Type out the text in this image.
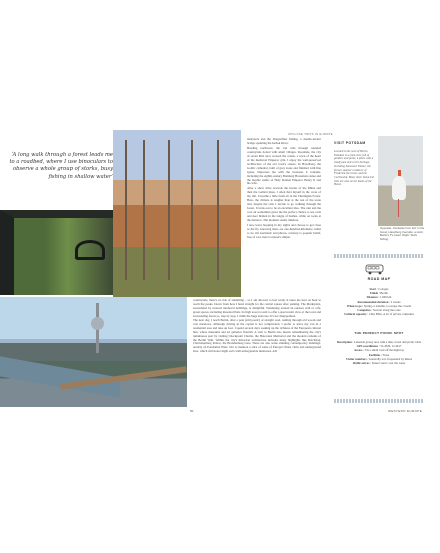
‘A long walk through a forest leads me to a roadbed, where I use binoculars to observe a whole group of storks, busy fishing in shallow water’
UPCLOSE TRIPS IN EUROPE

manyards and the Dragonflies fishing, a double-decker bridge spanning the Isebek River.

Heading northwest, the van rolls through rounded countryside dotted with small villages. Roadside, the city of seven hills once crossed the canals, a town of the heart of the medieval Emperor grin. I enjoy the well-preserved architecture of the old town's streets. In Havelberg, the Gothic cathedral, built of grey stone and finished with fine spires, impresses me with the treasures it contains, including the eighth-century Bamberg Horseman statue and the marble tombs of Holy Roman Emperor Henry II and his wife.

After a short drive towards the border of the Rhine and then the Gabled mass, I often find myself in the cross of my life. I breathe a little fresh air in the Thuringian Forest. Here, the climate is tougher than at the rest of the route and, despite the rain, I decide to go walking through the forest. It turns out to be an excellent idea. The rain and the cool air sometimes gives me the perfect chance to see owls and deer hidden in the tangle of bushes, while on rocks at the distance. The moment seems timeless.

I now leave hopping in my sights and choose to get close as the fly, knowing there are one-hundred-kilometre walks to do. On Germanic and photos, contrary to popular belief, free of cars, here is nature's simple.

countryside, there's no risk of stumbling – so I am allowed to feel ready. It takes me near an hour to reach the peaks. Down from here I head straight for the central square after parking. The Marktplatz, surrounded by restored medieval buildings, is delightful. Wandering around an outdoor stall or cafe, green spaces, including Rosental Park. Its high tower is said to offer a spectacular view of the town and surrounding forest so, step by step, I climb the huge staircase. It's not disappointed.

The next day, I reach Berlin, after a pale (still poetic) of straight road, rushing through old woods and vast meadows. Although driving in the capital is not complicated, I prefer to leave my van in a residential area and take up foot. I spend several days soaking up the richness of the European cultural hub, where museums and art galleries flourish. A visit to Berlin also means remembering the city's tumultuous past by visiting Checkpoint Charlie, the Holocaust Memorial and the modern remains of the Berlin Wall. Within the city's historical architecture includes many highlights like Reichstag, Charlottenburg Palace, the Brandenburg Gate. There are also some stunning contemporary buildings, notably on Potsdamer Platz. Not to mention a slice of some of Europe's finest clubs and underground bars, which will honor night owls with unforgettable memories. AD

VISIT POTSDAM
Located to the west of Berlin, Potsdam is a must-visit, full of gardens and parks, a place with a shady past and a rich heritage, including Sanssouci Palace, the former summer residence of Frederick the Great, and the Cecilienhof. Many other historical sites are also on the banks of the Havel.
Opposite, clockwise from left: In the forest; Havelberg riverside; a stork; Berlin's TV tower. Right: Stork fishing.
ROAD MAP
Start / Cologne
Finish / Berlin
Distance / 1,600 km
Recommended duration / 2 weeks
When to go / Spring or autumn, to escape the crowds
Campsites / Several along the route
Cultural capacity / Chez Bliss, A lot of private campsites
THE PERFECT PICNIC SPOT
Description / Lakeside grassy area with a lake, forest and picnic table
GPS coordinates / 52.4326, 12.4617
Access / Via a small road off the highway
Facilities / None
Visitor numbers / Generally low, frequented by hikers
Idyllic extras / Sunset views over the water
50	WESTERN EUROPE
